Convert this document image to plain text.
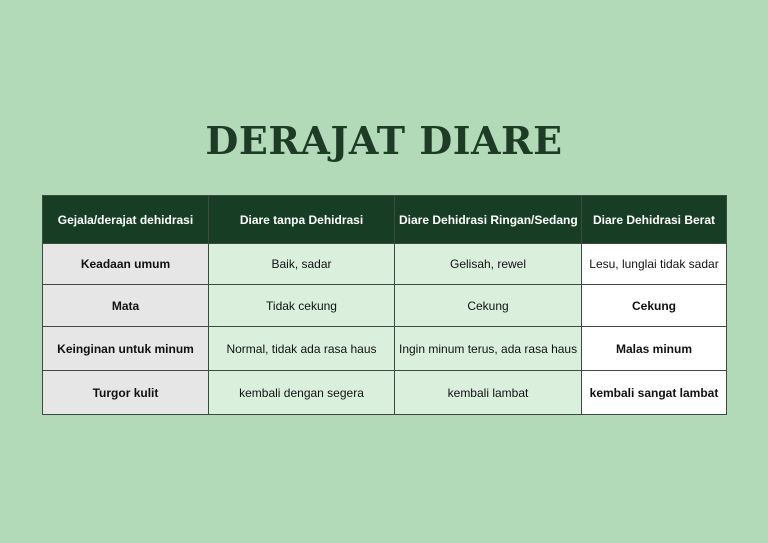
DERAJAT DIARE
Gejala/derajat dehidrasi	Diare tanpa Dehidrasi	Diare Dehidrasi Ringan/Sedang	Diare Dehidrasi Berat
Keadaan umum	Baik, sadar	Gelisah, rewel	Lesu, lunglai tidak sadar
Mata	Tidak cekung	Cekung	Cekung
Keinginan untuk minum	Normal, tidak ada rasa haus	Ingin minum terus, ada rasa haus	Malas minum
Turgor kulit	kembali dengan segera	kembali lambat	kembali sangat lambat
